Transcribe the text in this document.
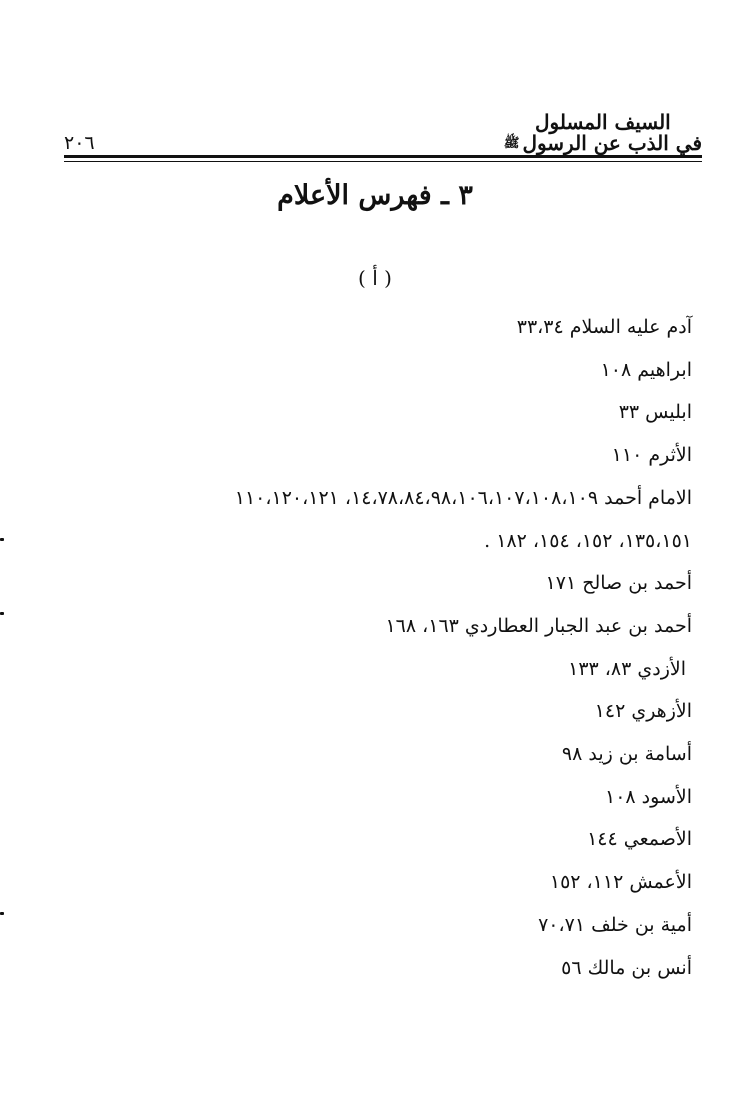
٢٠٦
السيف المسلول
في الذب عن الرسولﷺ
٣ ـ فهرس الأعلام
( أ )
آدم عليه السلام ٣٣،٣٤
ابراهيم ١٠٨
ابليس ٣٣
الأثرم ١١٠
الامام أحمد ١٤،٧٨،٨٤،٩٨،١٠٦،١٠٧،١٠٨،١٠٩، ١١٠،١٢٠،١٢١
١٣٥،١٥١، ١٥٢، ١٥٤، ١٨٢ .
أحمد بن صالح ١٧١
أحمد بن عبد الجبار العطاردي ١٦٣، ١٦٨
الأزدي ٨٣، ١٣٣
الأزهري ١٤٢
أسامة بن زيد ٩٨
الأسود ١٠٨
الأصمعي ١٤٤
الأعمش ١١٢، ١٥٢
أمية بن خلف ٧٠،٧١
أنس بن مالك ٥٦
